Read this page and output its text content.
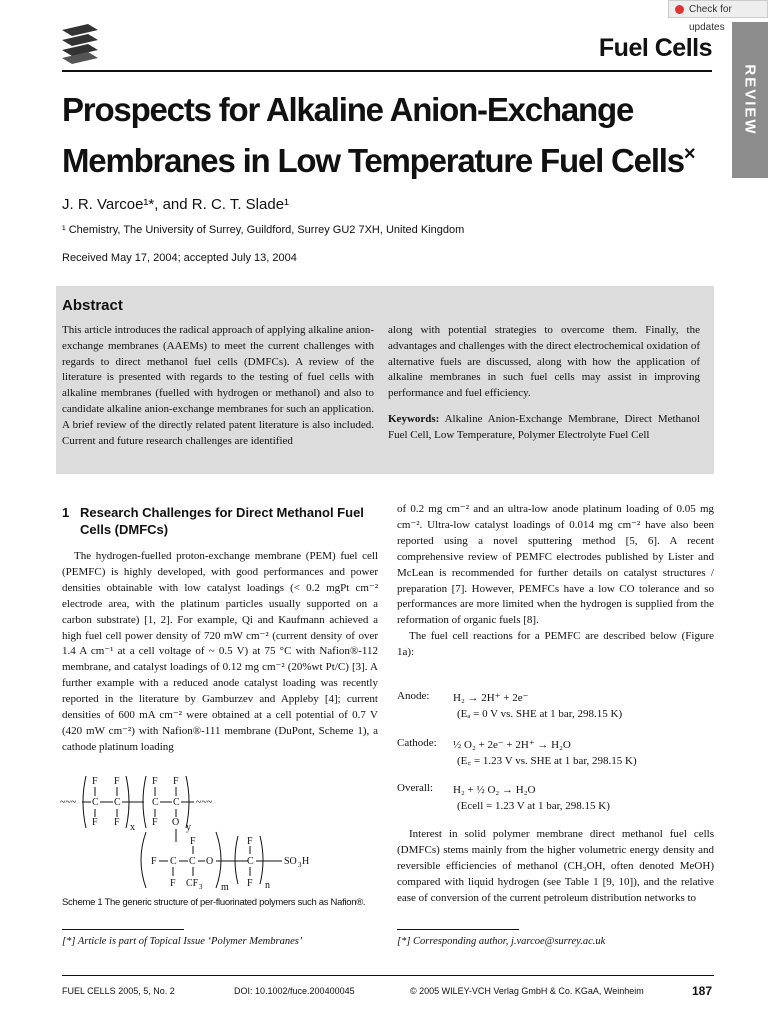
Check for updates
Fuel Cells
REVIEW
Prospects for Alkaline Anion-Exchange
Membranes in Low Temperature Fuel Cells×
J. R. Varcoe¹*, and R. C. T. Slade¹
¹ Chemistry, The University of Surrey, Guildford, Surrey GU2 7XH, United Kingdom
Received May 17, 2004; accepted July 13, 2004
Abstract
This article introduces the radical approach of applying alkaline anion-exchange membranes (AAEMs) to meet the current challenges with regards to direct methanol fuel cells (DMFCs). A review of the literature is presented with regards to the testing of fuel cells with alkaline membranes (fuelled with hydrogen or methanol) and also to candidate alkaline anion-exchange membranes for such an application. A brief review of the directly related patent literature is also included. Current and future research challenges are identified
along with potential strategies to overcome them. Finally, the advantages and challenges with the direct electrochemical oxidation of alternative fuels are discussed, along with how the application of alkaline membranes in such fuel cells may assist in improving performance and fuel efficiency.
Keywords: Alkaline Anion-Exchange Membrane, Direct Methanol Fuel Cell, Low Temperature, Polymer Electrolyte Fuel Cell
1 Research Challenges for Direct Methanol Fuel Cells (DMFCs)

The hydrogen-fuelled proton-exchange membrane (PEM) fuel cell (PEMFC) is highly developed, with good performances and power densities obtainable with low catalyst loadings (< 0.2 mgPt cm⁻² electrode area, with the platinum particles usually supported on a carbon substrate) [1, 2]. For example, Qi and Kaufmann achieved a high fuel cell power density of 720 mW cm⁻² (current density of over 1.4 A cm⁻¹ at a cell voltage of ~ 0.5 V) at 75 °C with Nafion®-112 membrane, and catalyst loadings of 0.12 mg cm⁻² (20%wt Pt/C) [3]. A further example with a reduced anode catalyst loading was recently reported in the literature by Gamburzev and Appleby [4]; current densities of 600 mA cm⁻² were obtained at a cell potential of 0.7 V (420 mW cm⁻²) with Nafion®-111 membrane (DuPont, Scheme 1), a cathode platinum loading

~~~
F F
C C
F F x
F F
C C
F O y
~~~
F
F
C C O
F CF 3 m
F
C
F n
SO 3 H
Scheme 1 The generic structure of per-fluorinated polymers such as Nafion®.

of 0.2 mg cm⁻² and an ultra-low anode platinum loading of 0.05 mg cm⁻². Ultra-low catalyst loadings of 0.014 mg cm⁻² have also been reported using a novel sputtering method [5, 6]. A recent comprehensive review of PEMFC electrodes published by Lister and McLean is recommended for further details on catalyst structures / preparation [7]. However, PEMFCs have a low CO tolerance and so performances are more limited when the hydrogen is supplied from the reformation of organic fuels [8].

The fuel cell reactions for a PEMFC are described below (Figure 1a):

Anode: H₂ → 2H⁺ + 2e⁻
(Eₐ = 0 V vs. SHE at 1 bar, 298.15 K)
Cathode: ½ O₂ + 2e⁻ + 2H⁺ → H₂O
(E꜀ = 1.23 V vs. SHE at 1 bar, 298.15 K)
Overall: H₂ + ½ O₂ → H₂O
(Ecell = 1.23 V at 1 bar, 298.15 K)

Interest in solid polymer membrane direct methanol fuel cells (DMFCs) stems mainly from the higher volumetric energy density and reversible efficiencies of methanol (CH₃OH, often denoted MeOH) compared with liquid hydrogen (see Table 1 [9, 10]), and the relative ease of conversion of the current petroleum distribution networks to

[*] Article is part of Topical Issue ‘Polymer Membranes’	[*] Corresponding author, j.varcoe@surrey.ac.uk
FUEL CELLS 2005, 5, No. 2	DOI: 10.1002/fuce.200400045	© 2005 WILEY-VCH Verlag GmbH & Co. KGaA, Weinheim	187
